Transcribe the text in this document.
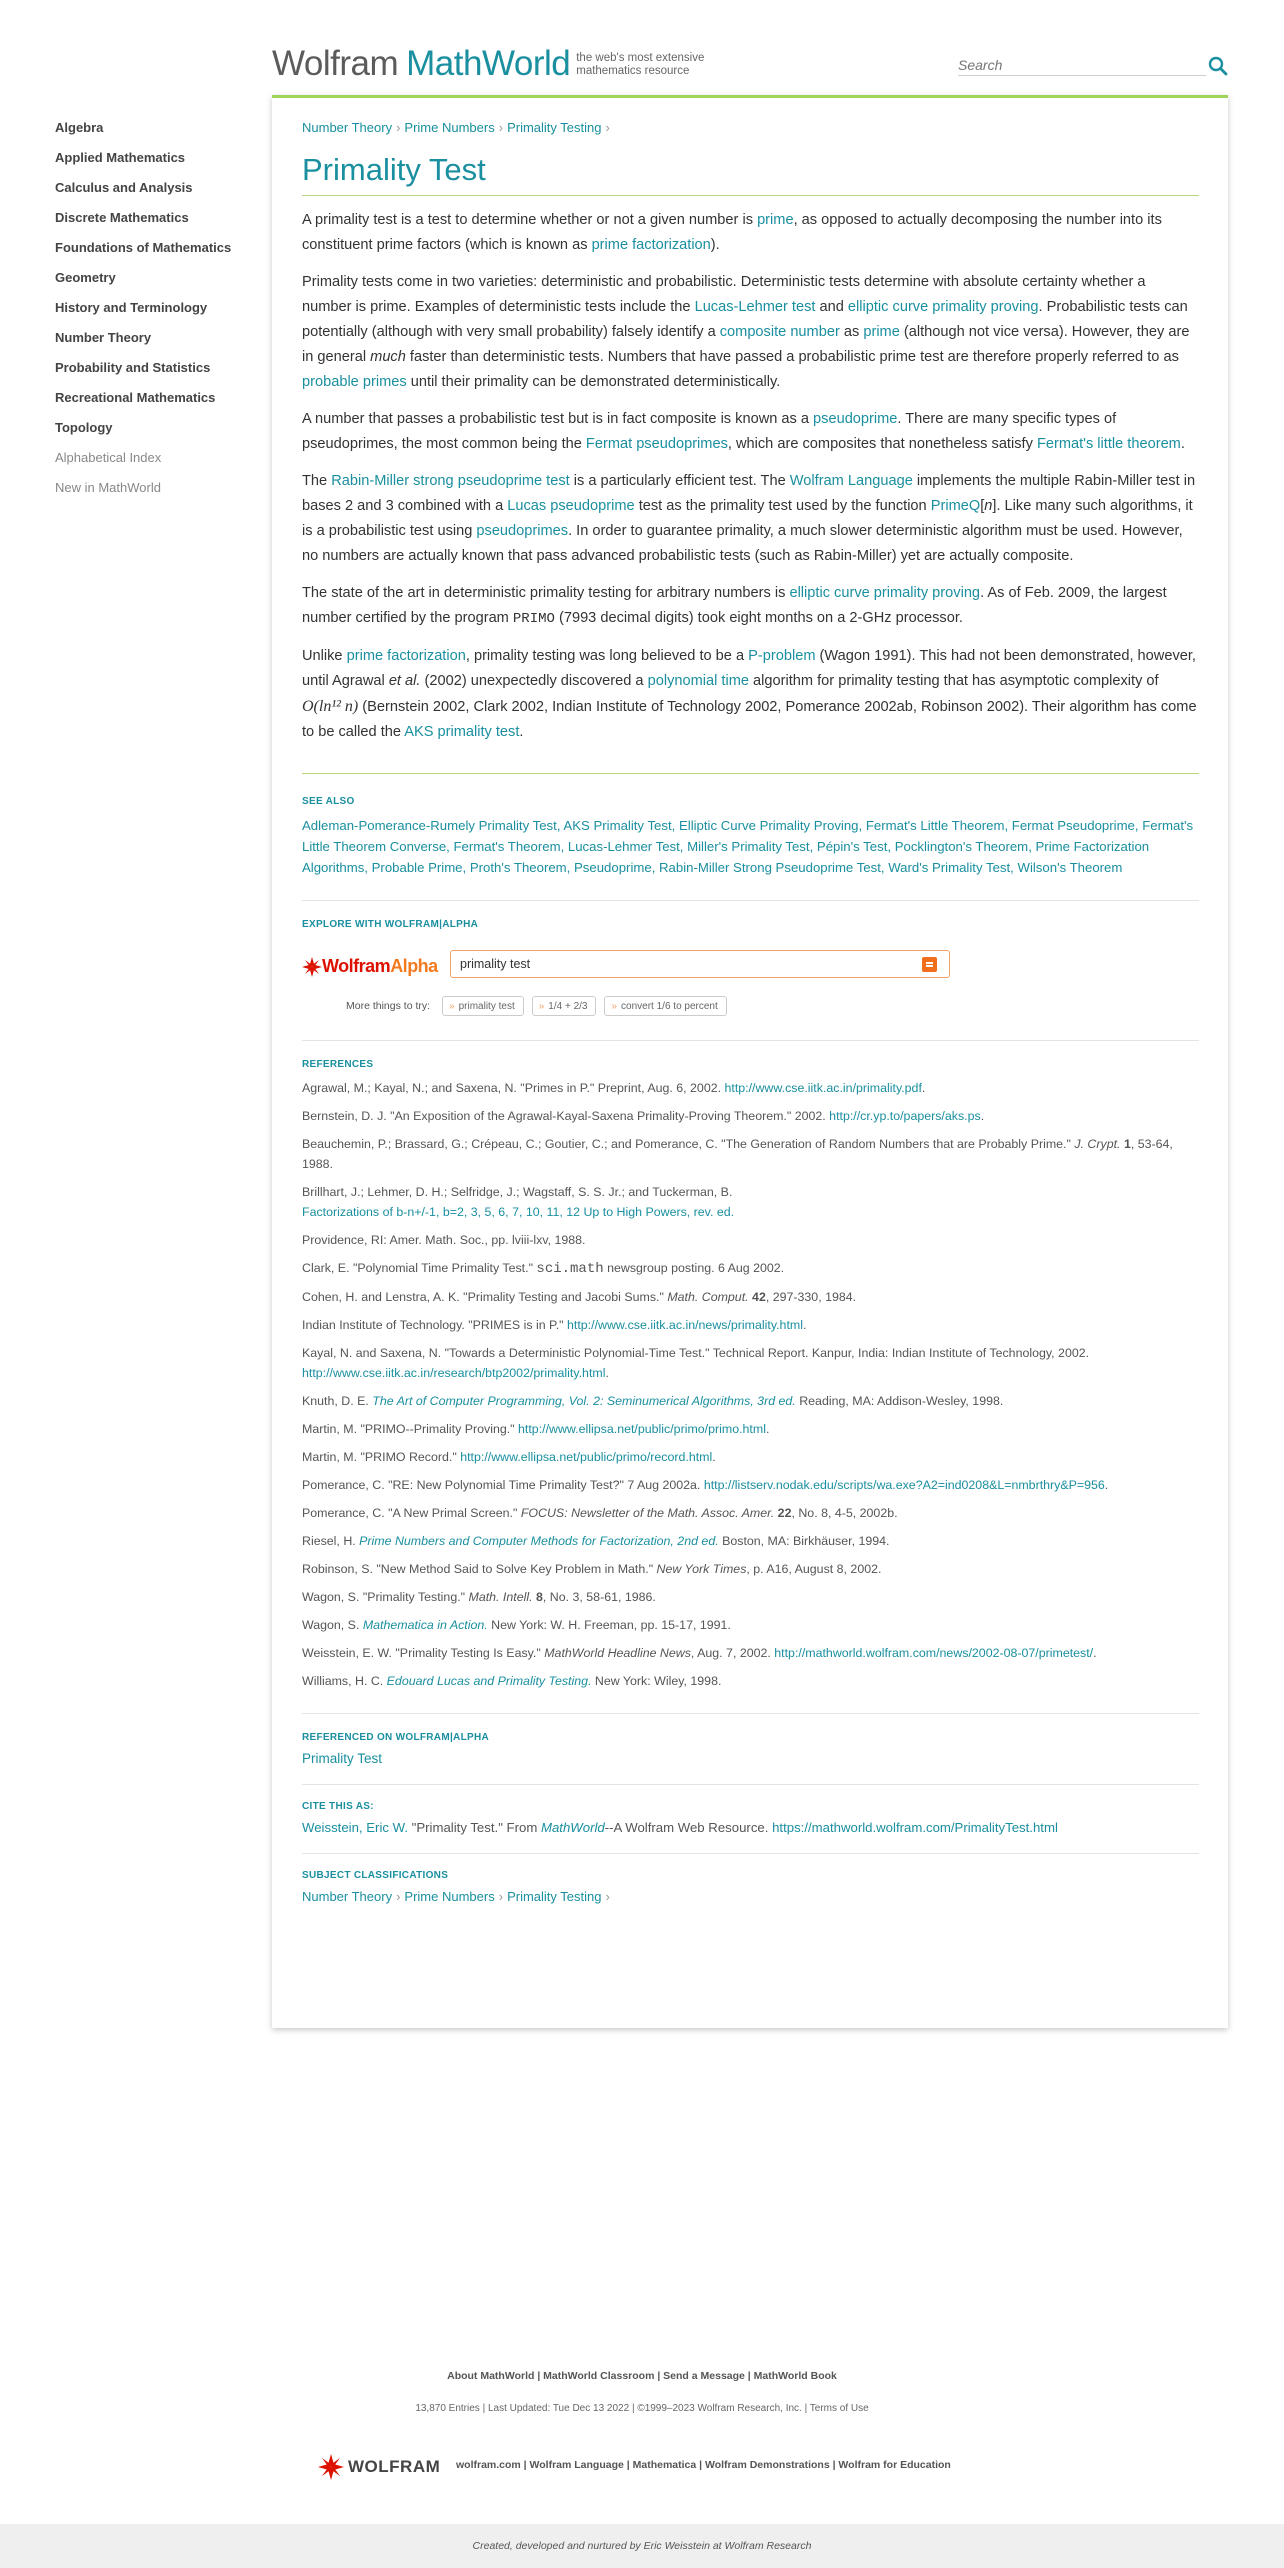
Wolfram MathWorld the web's most extensive
mathematics resource
Search
Algebra
Applied Mathematics
Calculus and Analysis
Discrete Mathematics
Foundations of Mathematics
Geometry
History and Terminology
Number Theory
Probability and Statistics
Recreational Mathematics
Topology
Alphabetical Index
New in MathWorld
Number Theory › Prime Numbers › Primality Testing ›
Primality Test

A primality test is a test to determine whether or not a given number is prime, as opposed to actually decomposing the number into its constituent prime factors (which is known as prime factorization).

Primality tests come in two varieties: deterministic and probabilistic. Deterministic tests determine with absolute certainty whether a number is prime. Examples of deterministic tests include the Lucas-Lehmer test and elliptic curve primality proving. Probabilistic tests can potentially (although with very small probability) falsely identify a composite number as prime (although not vice versa). However, they are in general much faster than deterministic tests. Numbers that have passed a probabilistic prime test are therefore properly referred to as probable primes until their primality can be demonstrated deterministically.

A number that passes a probabilistic test but is in fact composite is known as a pseudoprime. There are many specific types of pseudoprimes, the most common being the Fermat pseudoprimes, which are composites that nonetheless satisfy Fermat's little theorem.

The Rabin-Miller strong pseudoprime test is a particularly efficient test. The Wolfram Language implements the multiple Rabin-Miller test in bases 2 and 3 combined with a Lucas pseudoprime test as the primality test used by the function PrimeQ[n]. Like many such algorithms, it is a probabilistic test using pseudoprimes. In order to guarantee primality, a much slower deterministic algorithm must be used. However, no numbers are actually known that pass advanced probabilistic tests (such as Rabin-Miller) yet are actually composite.

The state of the art in deterministic primality testing for arbitrary numbers is elliptic curve primality proving. As of Feb. 2009, the largest number certified by the program PRIMO (7993 decimal digits) took eight months on a 2-GHz processor.

Unlike prime factorization, primality testing was long believed to be a P-problem (Wagon 1991). This had not been demonstrated, however, until Agrawal et al. (2002) unexpectedly discovered a polynomial time algorithm for primality testing that has asymptotic complexity of O(ln¹² n) (Bernstein 2002, Clark 2002, Indian Institute of Technology 2002, Pomerance 2002ab, Robinson 2002). Their algorithm has come to be called the AKS primality test.

SEE ALSO
Adleman-Pomerance-Rumely Primality Test, AKS Primality Test, Elliptic Curve Primality Proving, Fermat's Little Theorem, Fermat Pseudoprime, Fermat's Little Theorem Converse, Fermat's Theorem, Lucas-Lehmer Test, Miller's Primality Test, Pépin's Test, Pocklington's Theorem, Prime Factorization Algorithms, Probable Prime, Proth's Theorem, Pseudoprime, Rabin-Miller Strong Pseudoprime Test, Ward's Primality Test, Wilson's Theorem
EXPLORE WITH WOLFRAM|ALPHA
Wolfram Alpha
primality test
More things to try:	» primality test	» 1/4 + 2/3	» convert 1/6 to percent
REFERENCES
Agrawal, M.; Kayal, N.; and Saxena, N. "Primes in P." Preprint, Aug. 6, 2002. http://www.cse.iitk.ac.in/primality.pdf.
Bernstein, D. J. "An Exposition of the Agrawal-Kayal-Saxena Primality-Proving Theorem." 2002. http://cr.yp.to/papers/aks.ps.
Beauchemin, P.; Brassard, G.; Crépeau, C.; Goutier, C.; and Pomerance, C. "The Generation of Random Numbers that are Probably Prime." J. Crypt. 1, 53-64, 1988.
Brillhart, J.; Lehmer, D. H.; Selfridge, J.; Wagstaff, S. S. Jr.; and Tuckerman, B.
Factorizations of b-n+/-1, b=2, 3, 5, 6, 7, 10, 11, 12 Up to High Powers, rev. ed.
Providence, RI: Amer. Math. Soc., pp. lviii-lxv, 1988.
Clark, E. "Polynomial Time Primality Test." sci.math newsgroup posting. 6 Aug 2002.
Cohen, H. and Lenstra, A. K. "Primality Testing and Jacobi Sums." Math. Comput. 42, 297-330, 1984.
Indian Institute of Technology. "PRIMES is in P." http://www.cse.iitk.ac.in/news/primality.html.
Kayal, N. and Saxena, N. "Towards a Deterministic Polynomial-Time Test." Technical Report. Kanpur, India: Indian Institute of Technology, 2002.
http://www.cse.iitk.ac.in/research/btp2002/primality.html.
Knuth, D. E. The Art of Computer Programming, Vol. 2: Seminumerical Algorithms, 3rd ed. Reading, MA: Addison-Wesley, 1998.
Martin, M. "PRIMO--Primality Proving." http://www.ellipsa.net/public/primo/primo.html.
Martin, M. "PRIMO Record." http://www.ellipsa.net/public/primo/record.html.
Pomerance, C. "RE: New Polynomial Time Primality Test?" 7 Aug 2002a. http://listserv.nodak.edu/scripts/wa.exe?A2=ind0208&L=nmbrthry&P=956.
Pomerance, C. "A New Primal Screen." FOCUS: Newsletter of the Math. Assoc. Amer. 22, No. 8, 4-5, 2002b.
Riesel, H. Prime Numbers and Computer Methods for Factorization, 2nd ed. Boston, MA: Birkhäuser, 1994.
Robinson, S. "New Method Said to Solve Key Problem in Math." New York Times, p. A16, August 8, 2002.
Wagon, S. "Primality Testing." Math. Intell. 8, No. 3, 58-61, 1986.
Wagon, S. Mathematica in Action. New York: W. H. Freeman, pp. 15-17, 1991.
Weisstein, E. W. "Primality Testing Is Easy." MathWorld Headline News, Aug. 7, 2002. http://mathworld.wolfram.com/news/2002-08-07/primetest/.
Williams, H. C. Edouard Lucas and Primality Testing. New York: Wiley, 1998.
REFERENCED ON WOLFRAM|ALPHA
Primality Test
CITE THIS AS:
Weisstein, Eric W. "Primality Test." From MathWorld--A Wolfram Web Resource. https://mathworld.wolfram.com/PrimalityTest.html
SUBJECT CLASSIFICATIONS
Number Theory › Prime Numbers › Primality Testing ›
About MathWorld | MathWorld Classroom | Send a Message | MathWorld Book
13,870 Entries | Last Updated: Tue Dec 13 2022 | ©1999–2023 Wolfram Research, Inc. | Terms of Use
WOLFRAM wolfram.com | Wolfram Language | Mathematica | Wolfram Demonstrations | Wolfram for Education
Created, developed and nurtured by Eric Weisstein at Wolfram Research
